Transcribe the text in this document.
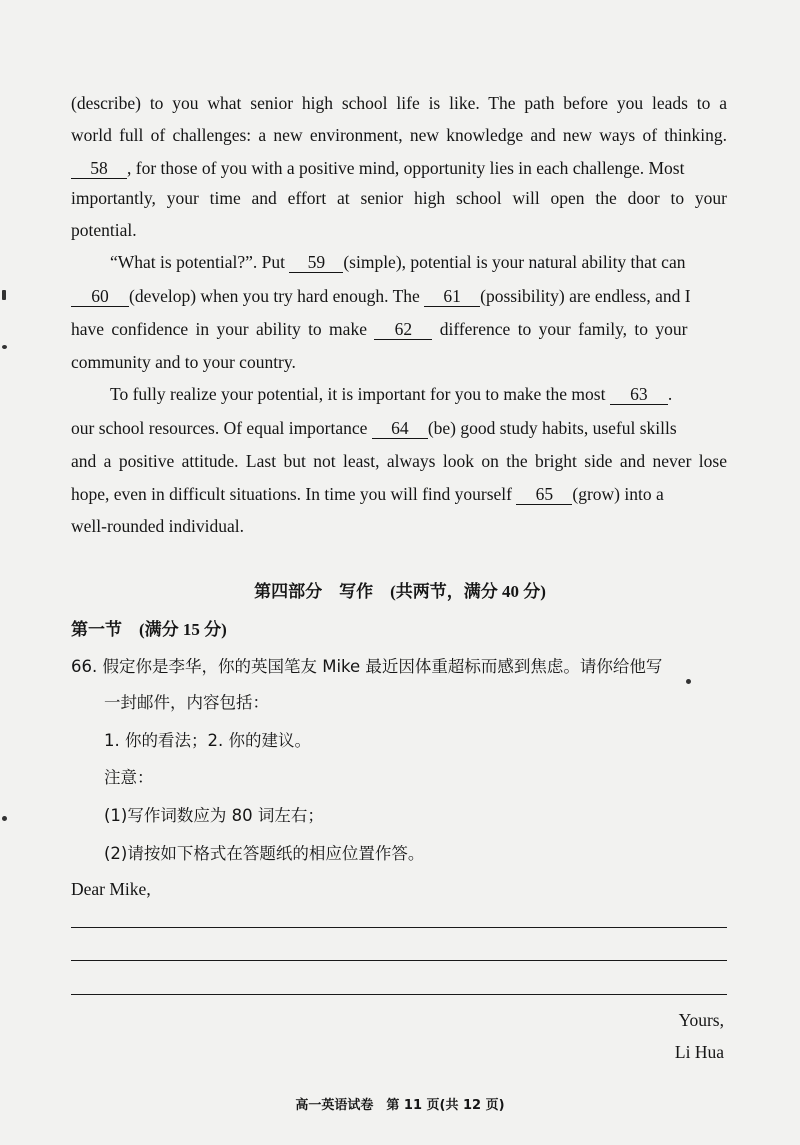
(describe) to you what senior high school life is like. The path before you leads to a
world full of challenges: a new environment, new knowledge and new ways of thinking.
58 , for those of you with a positive mind, opportunity lies in each challenge. Most
importantly, your time and effort at senior high school will open the door to your
potential.
“What is potential?”. Put 59 (simple), potential is your natural ability that can
60 (develop) when you try hard enough. The 61 (possibility) are endless, and I
have confidence in your ability to make 62 difference to your family, to your
community and to your country.
To fully realize your potential, it is important for you to make the most 63 .
our school resources. Of equal importance 64 (be) good study habits, useful skills
and a positive attitude. Last but not least, always look on the bright side and never lose
hope, even in difficult situations. In time you will find yourself 65 (grow) into a
well-rounded individual.
第四部分　写作　(共两节，满分 40 分)
第一节　(满分 15 分)
66. 假定你是李华，你的英国笔友 Mike 最近因体重超标而感到焦虑。请你给他写
一封邮件，内容包括：
1. 你的看法；2. 你的建议。
注意：
(1)写作词数应为 80 词左右；
(2)请按如下格式在答题纸的相应位置作答。
Dear Mike,
Yours,
Li Hua
高一英语试卷　第 11 页(共 12 页)
